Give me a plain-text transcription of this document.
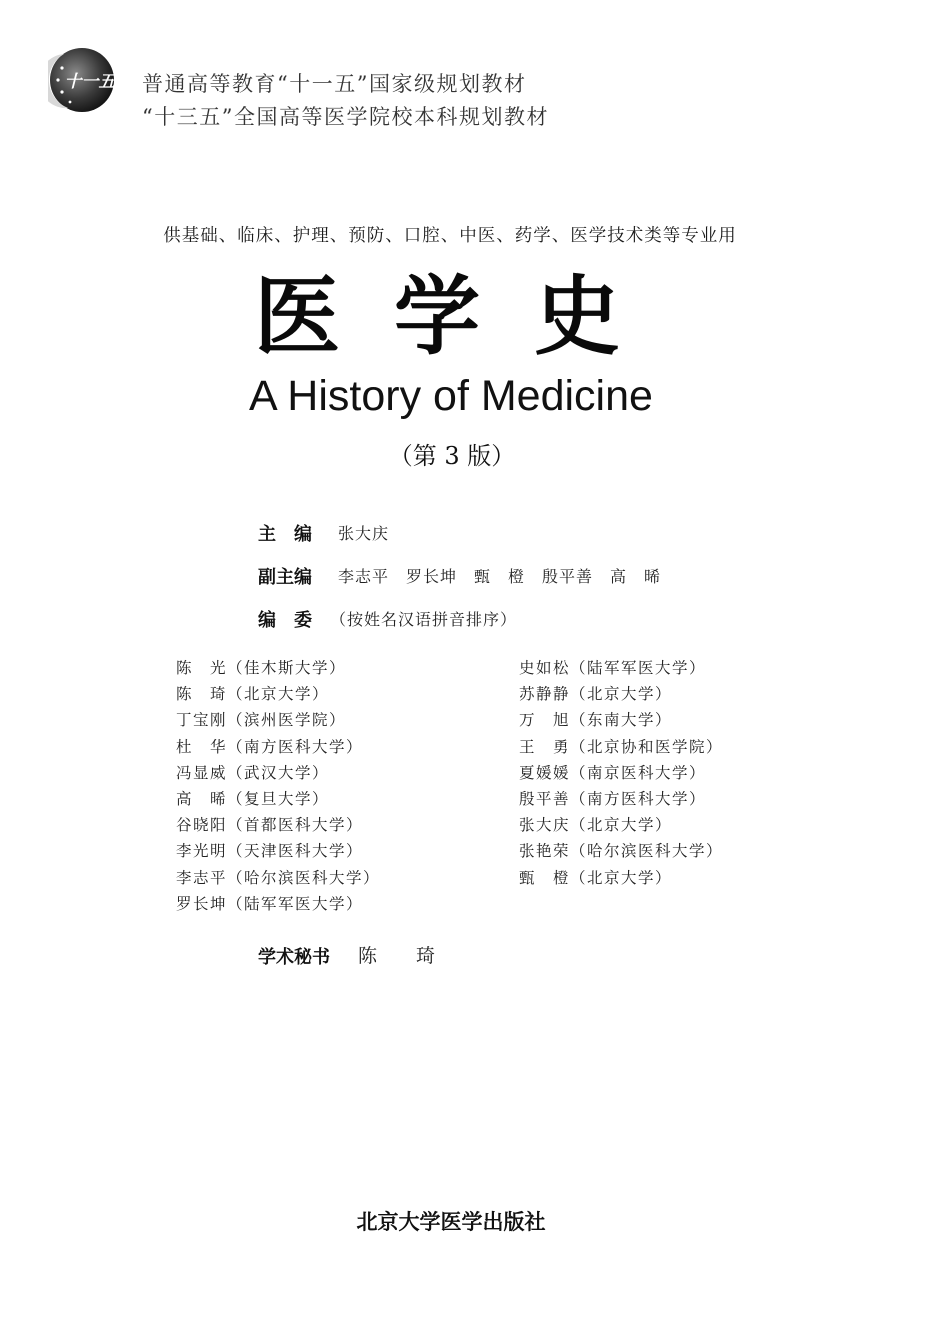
十一五 普通高等教育“十一五”国家级规划教材
“十三五”全国高等医学院校本科规划教材
供基础、临床、护理、预防、口腔、中医、药学、医学技术类等专业用
医学史
A History of Medicine
（第 3 版）
主　编 张大庆
副主编 李志平　罗长坤　甄　橙　殷平善　高　晞
编　委 （按姓名汉语拼音排序）
陈　光（佳木斯大学）
陈　琦（北京大学）
丁宝刚（滨州医学院）
杜　华（南方医科大学）
冯显威（武汉大学）
高　晞（复旦大学）
谷晓阳（首都医科大学）
李光明（天津医科大学）
李志平（哈尔滨医科大学）
罗长坤（陆军军医大学）
史如松（陆军军医大学）
苏静静（北京大学）
万　旭（东南大学）
王　勇（北京协和医学院）
夏媛媛（南京医科大学）
殷平善（南方医科大学）
张大庆（北京大学）
张艳荣（哈尔滨医科大学）
甄　橙（北京大学）
学术秘书 陈　琦
北京大学医学出版社
